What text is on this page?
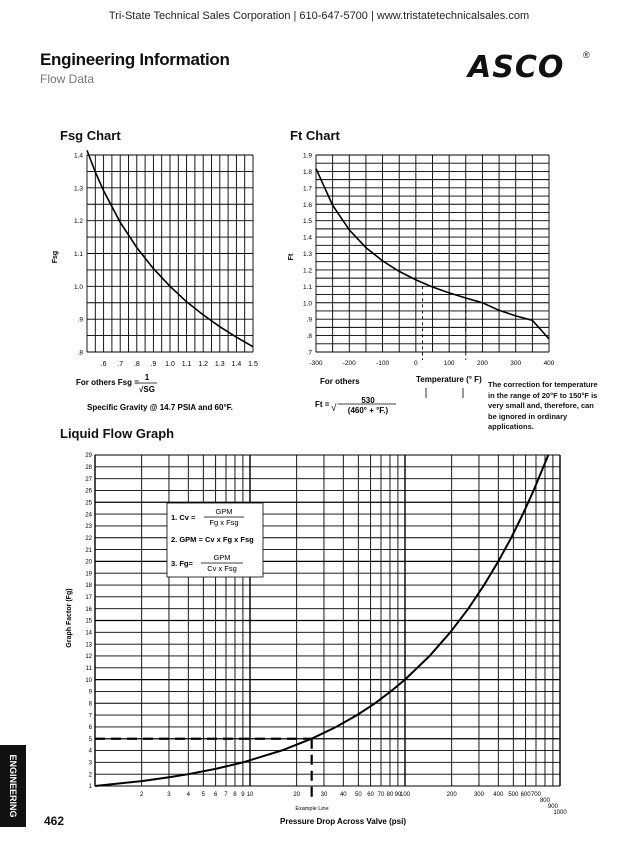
Tri-State Technical Sales Corporation | 610-647-5700 | www.tristatetechnicalsales.com
Engineering Information
Flow Data	ASCO ®
Fsg Chart	Ft Chart
Liquid Flow Graph
.6 .7 .8 .9 1.0 1.1 1.2 1.3 1.4 1.5
.8
.9
1.0
1.1
1.2
1.3
1.4
-300	-200	-100	0	100	200	300	400
.7
.8
.9
1.0
1.1
1.2
1.3
1.4
1.5
1.6
1.7
1.8
1.9
1
2
3
4
5
6
7
8
9
10
11
12
13
14
15
16
17
18
19
20
21
22
23
24
25
26
27
28
29
2	3	4 5 6 7 8 9 10	20	30 40 50 60 70 80 90
100	200	300 400 500 600 700
800
900
1000
Fsg
For others Fsg =
1
√SG
Specific Gravity @ 14.7 PSIA and 60°F.
Ft
For others	Temperature (° F)
Ft = √
530
(460° + °F.)
Graph Factor (Fg)
Pressure Drop Across Valve (psi)
Example Line
1. Cv =
GPM
Fg x Fsg
2. GPM = Cv x Fg x Fsg
3. Fg=
GPM
Cv x Fsg
The correction for temperature in the range of 20°F to 150°F is very small and, therefore, can be ignored in ordinary applications.
ENGINEERING
462
